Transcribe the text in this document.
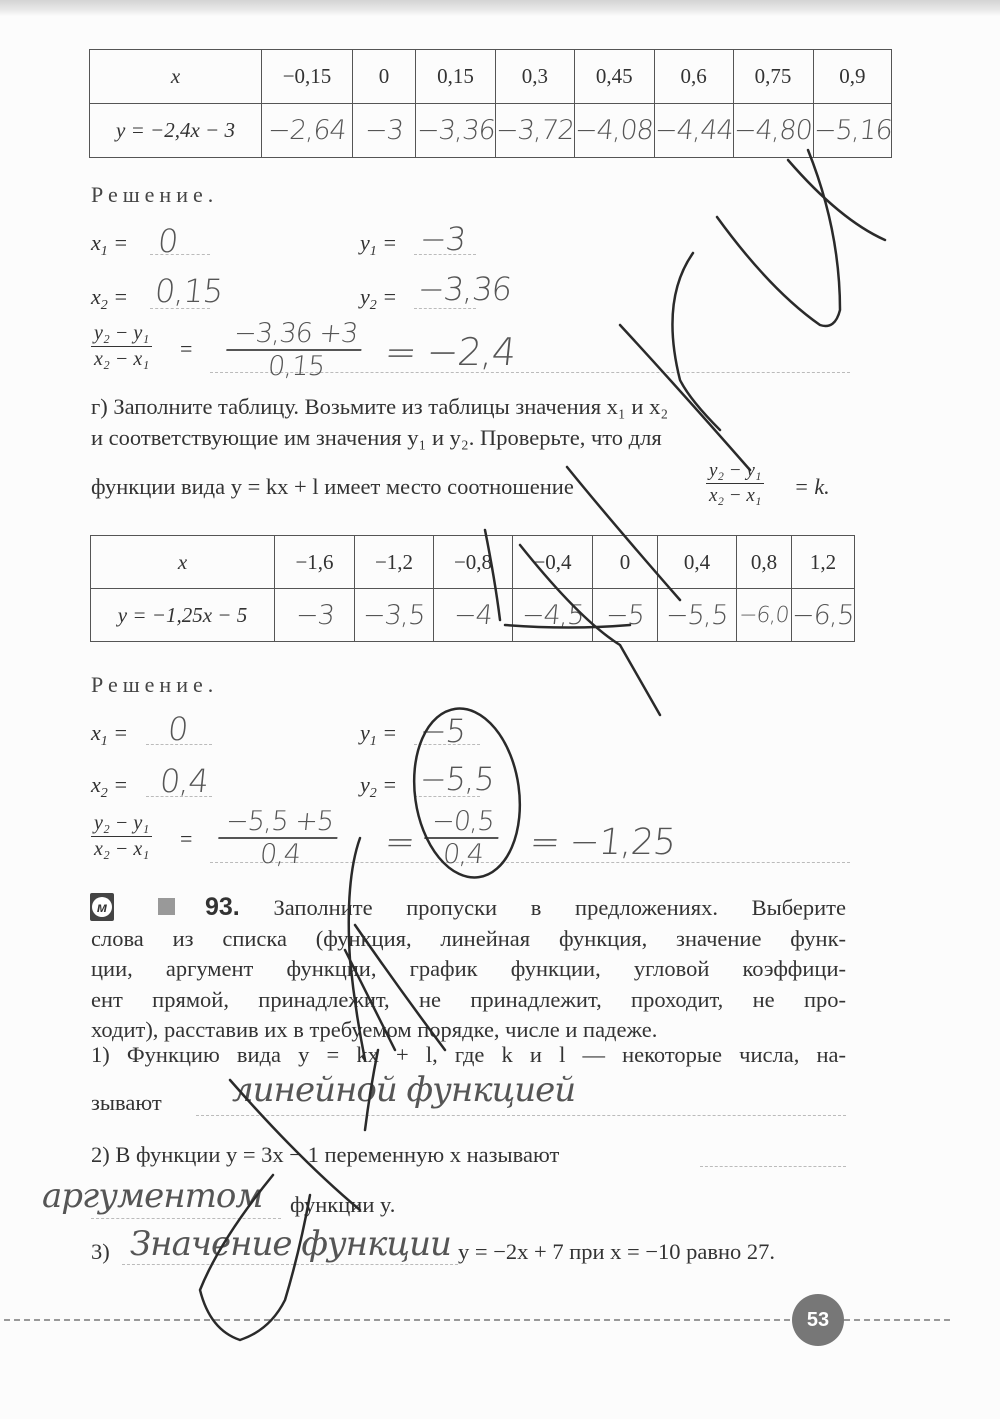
x	−0,15	0	0,15	0,3	0,45	0,6	0,75	0,9
y = −2,4x − 3	−2,64	−3	−3,36	−3,72	−4,08	−4,44	−4,80	−5,16
Решение.
$x_1 = 0$	$y_1 = -3$
$x_2 = 0,15$	$y_2 = -3,36$
$\frac{\text{y₂ − y₁}}{\text{x₂ − x₁}} = \frac{-3,36 +3}{0,15} = -2,4$
г) Заполните таблицу. Возьмите из таблицы значения x₁ и x₂
и соответствующие им значения y₁ и y₂. Проверьте, что для
функции вида y = kx + l имеет место соотношение	$\frac{\text{y₂ − y₁}}{\text{x₂ − x₁}} = k$.
x	−1,6	−1,2	−0,8	−0,4	0	0,4	0,8	1,2
y = −1,25x − 5	−3	−3,5	−4	−4,5	−5	−5,5	−6,0	−6,5
Решение.
$x_1 = 0$	$y_1 = -5$
$x_2 = 0,4$	$y_2 = -5,5$
$\frac{\text{y₂ − y₁}}{\text{x₂ − x₁}} = \frac{-5,5 +5}{0,4} = \frac{-0,5}{0,4} = -1,25$
м	93. Заполните пропуски в предложениях. Выберите
слова из списка (функция, линейная функция, значение функ-
ции, аргумент функции, график функции, угловой коэффици-
ент прямой, принадлежит, не принадлежит, проходит, не про-
ходит), расставив их в требуемом порядке, числе и падеже.
1) Функцию вида y = kx + l, где k и l — некоторые числа, на-
зывают линейной функцией
2) В функции y = 3x − 1 переменную x называют
аргументом функции y.
3) Значение функции y = −2x + 7 при x = −10 равно 27.
53
